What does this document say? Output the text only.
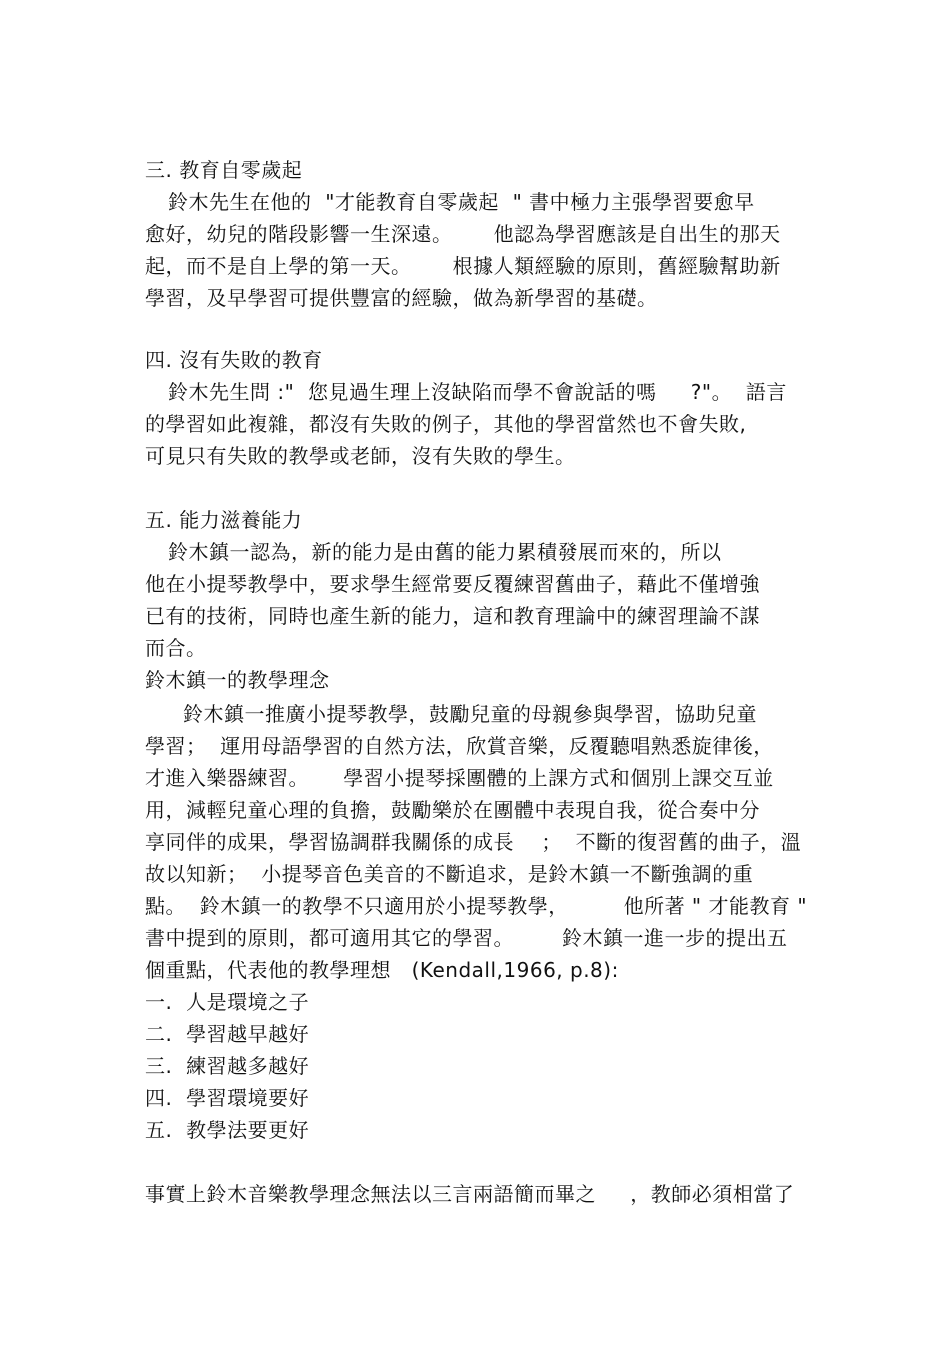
三. 教育自零歲起
鈴木先生在他的  "才能教育自零歲起  " 書中極力主張學習要愈早
愈好，幼兒的階段影響一生深遠。      他認為學習應該是自出生的那天
起，而不是自上學的第一天。      根據人類經驗的原則，舊經驗幫助新
學習，及早學習可提供豐富的經驗，做為新學習的基礎。
四. 沒有失敗的教育
鈴木先生問 :"  您見過生理上沒缺陷而學不會說話的嗎     ?"。  語言
的學習如此複雜，都沒有失敗的例子，其他的學習當然也不會失敗,
可見只有失敗的教學或老師，沒有失敗的學生。
五. 能力滋養能力
鈴木鎮一認為，新的能力是由舊的能力累積發展而來的，所以
他在小提琴教學中，要求學生經常要反覆練習舊曲子，藉此不僅增強
已有的技術，同時也產生新的能力，這和教育理論中的練習理論不謀
而合。
鈴木鎮一的教學理念
鈴木鎮一推廣小提琴教學，鼓勵兒童的母親參與學習，協助兒童
學習；  運用母語學習的自然方法，欣賞音樂，反覆聽唱熟悉旋律後，
才進入樂器練習。     學習小提琴採團體的上課方式和個別上課交互並
用，減輕兒童心理的負擔，鼓勵樂於在團體中表現自我，從合奏中分
享同伴的成果，學習協調群我關係的成長    ；  不斷的復習舊的曲子，溫
故以知新；  小提琴音色美音的不斷追求，是鈴木鎮一不斷強調的重
點。  鈴木鎮一的教學不只適用於小提琴教學，        他所著 " 才能教育 "
書中提到的原則，都可適用其它的學習。       鈴木鎮一進一步的提出五
個重點，代表他的教學理想   (Kendall,1966, p.8):
一.  人是環境之子
二.  學習越早越好
三.  練習越多越好
四.  學習環境要好
五.  教學法要更好
事實上鈴木音樂教學理念無法以三言兩語簡而畢之     ，教師必須相當了
